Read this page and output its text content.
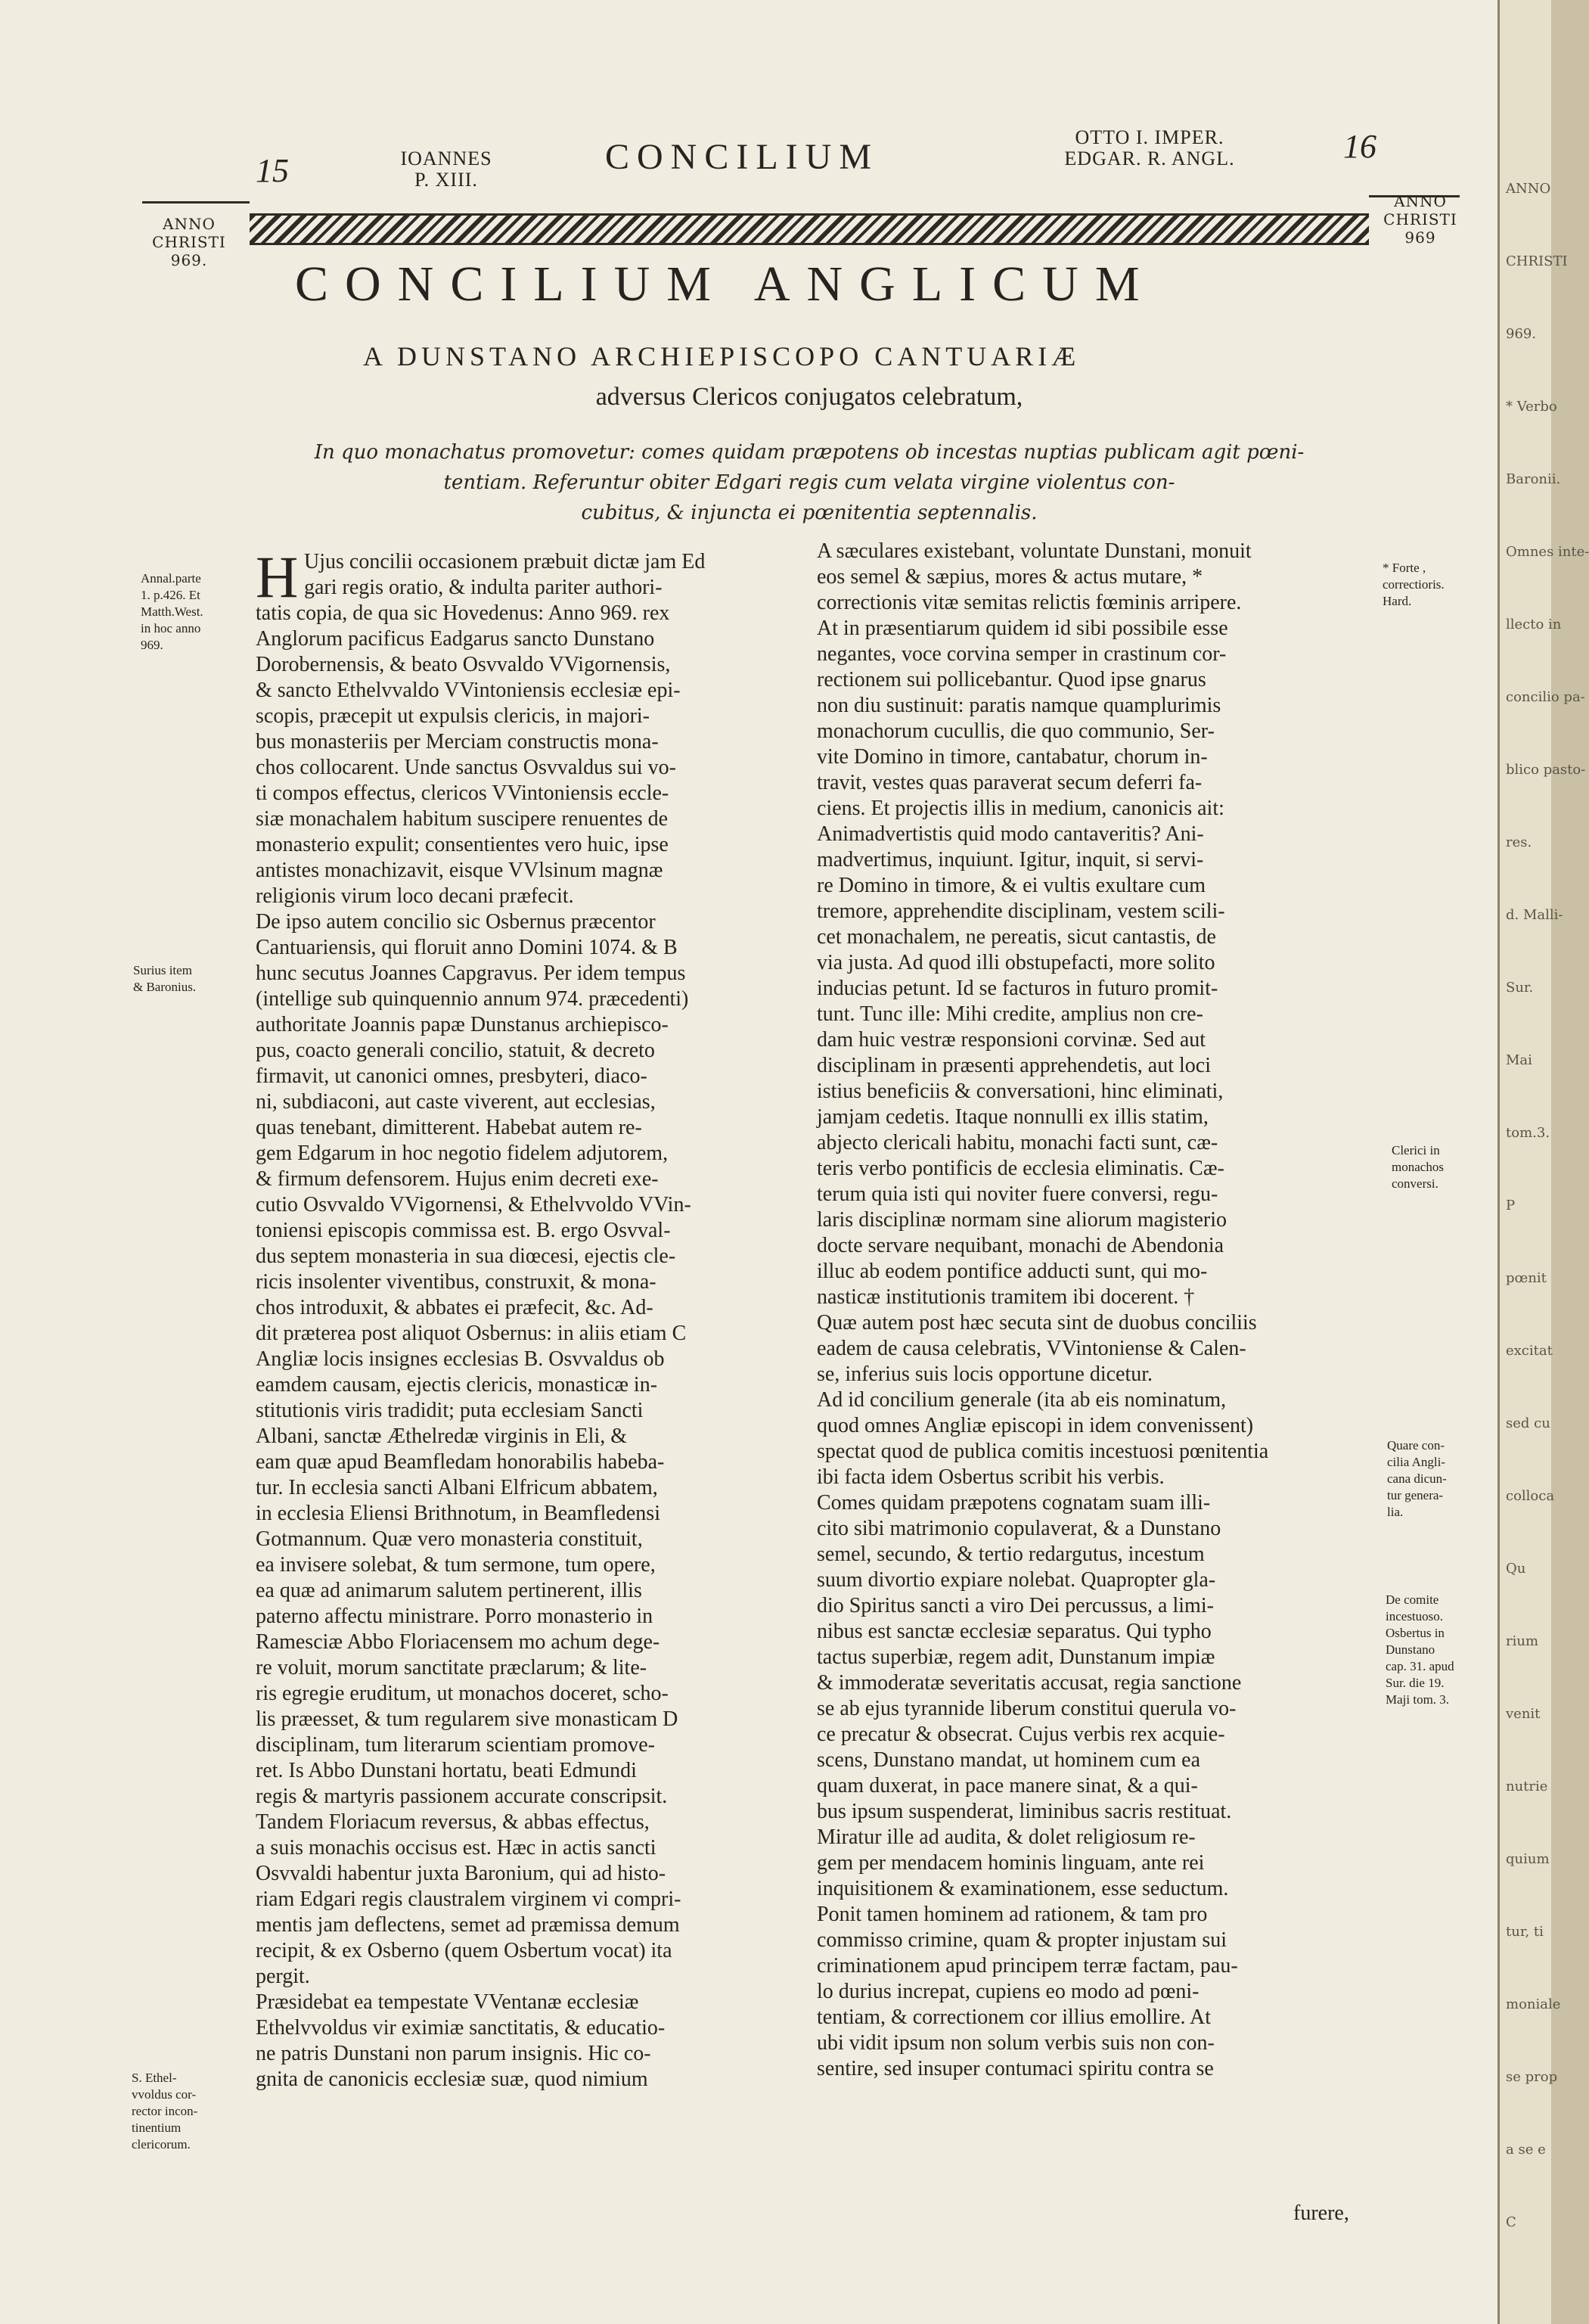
15	IOANNES
P. XIII.
CONCILIUM	OTTO I. IMPER.
EDGAR. R. ANGL.	16
ANNO
CHRISTI
969.
ANNO
CHRISTI
969
CONCILIUM ANGLICUM
A DUNSTANO ARCHIEPISCOPO CANTUARIÆ
adversus Clericos conjugatos celebratum,
In quo monachatus promovetur: comes quidam præpotens ob incestas nuptias publicam agit pœni-
tentiam. Referuntur obiter Edgari regis cum velata virgine violentus con-
cubitus, & injuncta ei pœnitentia septennalis.
Annal.parte
1. p.426. Et
Matth.West.
in hoc anno
969.
Surius item
& Baronius.
S. Ethel-
vvoldus cor-
rector incon-
tinentium
clericorum.
* Forte ,
correctioris.
Hard.
Clerici in
monachos
conversi.
Quare con-
cilia Angli-
cana dicun-
tur genera-
lia.
De comite
incestuoso.
Osbertus in
Dunstano
cap. 31. apud
Sur. die 19.
Maji tom. 3.
H Ujus concilii occasionem præbuit dictæ jam Ed
gari regis oratio, & indulta pariter authori-
tatis copia, de qua sic Hovedenus: Anno 969. rex
Anglorum pacificus Eadgarus sancto Dunstano
Dorobernensis, & beato Osvvaldo VVigornensis,
& sancto Ethelvvaldo VVintoniensis ecclesiæ epi-
scopis, præcepit ut expulsis clericis, in majori-
bus monasteriis per Merciam constructis mona-
chos collocarent. Unde sanctus Osvvaldus sui vo-
ti compos effectus, clericos VVintoniensis eccle-
siæ monachalem habitum suscipere renuentes de
monasterio expulit; consentientes vero huic, ipse
antistes monachizavit, eisque VVlsinum magnæ
religionis virum loco decani præfecit.
De ipso autem concilio sic Osbernus præcentor
Cantuariensis, qui floruit anno Domini 1074. & B
hunc secutus Joannes Capgravus. Per idem tempus
(intellige sub quinquennio annum 974. præcedenti)
authoritate Joannis papæ Dunstanus archiepisco-
pus, coacto generali concilio, statuit, & decreto
firmavit, ut canonici omnes, presbyteri, diaco-
ni, subdiaconi, aut caste viverent, aut ecclesias,
quas tenebant, dimitterent. Habebat autem re-
gem Edgarum in hoc negotio fidelem adjutorem,
& firmum defensorem. Hujus enim decreti exe-
cutio Osvvaldo VVigornensi, & Ethelvvoldo VVin-
toniensi episcopis commissa est. B. ergo Osvval-
dus septem monasteria in sua diœcesi, ejectis cle-
ricis insolenter viventibus, construxit, & mona-
chos introduxit, & abbates ei præfecit, &c. Ad-
dit præterea post aliquot Osbernus: in aliis etiam C
Angliæ locis insignes ecclesias B. Osvvaldus ob
eamdem causam, ejectis clericis, monasticæ in-
stitutionis viris tradidit; puta ecclesiam Sancti
Albani, sanctæ Æthelredæ virginis in Eli, &
eam quæ apud Beamfledam honorabilis habeba-
tur. In ecclesia sancti Albani Elfricum abbatem,
in ecclesia Eliensi Brithnotum, in Beamfledensi
Gotmannum. Quæ vero monasteria constituit,
ea invisere solebat, & tum sermone, tum opere,
ea quæ ad animarum salutem pertinerent, illis
paterno affectu ministrare. Porro monasterio in
Ramesciæ Abbo Floriacensem mo achum dege-
re voluit, morum sanctitate præclarum; & lite-
ris egregie eruditum, ut monachos doceret, scho-
lis præesset, & tum regularem sive monasticam D
disciplinam, tum literarum scientiam promove-
ret. Is Abbo Dunstani hortatu, beati Edmundi
regis & martyris passionem accurate conscripsit.
Tandem Floriacum reversus, & abbas effectus,
a suis monachis occisus est. Hæc in actis sancti
Osvvaldi habentur juxta Baronium, qui ad histo-
riam Edgari regis claustralem virginem vi compri-
mentis jam deflectens, semet ad præmissa demum
recipit, & ex Osberno (quem Osbertum vocat) ita
pergit.
Præsidebat ea tempestate VVentanæ ecclesiæ
Ethelvvoldus vir eximiæ sanctitatis, & educatio-
ne patris Dunstani non parum insignis. Hic co-
gnita de canonicis ecclesiæ suæ, quod nimium
A sæculares existebant, voluntate Dunstani, monuit
eos semel & sæpius, mores & actus mutare, *
correctionis vitæ semitas relictis fœminis arripere.
At in præsentiarum quidem id sibi possibile esse
negantes, voce corvina semper in crastinum cor-
rectionem sui pollicebantur. Quod ipse gnarus
non diu sustinuit: paratis namque quamplurimis
monachorum cucullis, die quo communio, Ser-
vite Domino in timore, cantabatur, chorum in-
travit, vestes quas paraverat secum deferri fa-
ciens. Et projectis illis in medium, canonicis ait:
Animadvertistis quid modo cantaveritis? Ani-
madvertimus, inquiunt. Igitur, inquit, si servi-
re Domino in timore, & ei vultis exultare cum
tremore, apprehendite disciplinam, vestem scili-
cet monachalem, ne pereatis, sicut cantastis, de
via justa. Ad quod illi obstupefacti, more solito
inducias petunt. Id se facturos in futuro promit-
tunt. Tunc ille: Mihi credite, amplius non cre-
dam huic vestræ responsioni corvinæ. Sed aut
disciplinam in præsenti apprehendetis, aut loci
istius beneficiis & conversationi, hinc eliminati,
jamjam cedetis. Itaque nonnulli ex illis statim,
abjecto clericali habitu, monachi facti sunt, cæ-
teris verbo pontificis de ecclesia eliminatis. Cæ-
terum quia isti qui noviter fuere conversi, regu-
laris disciplinæ normam sine aliorum magisterio
docte servare nequibant, monachi de Abendonia
illuc ab eodem pontifice adducti sunt, qui mo-
nasticæ institutionis tramitem ibi docerent. †
Quæ autem post hæc secuta sint de duobus conciliis
eadem de causa celebratis, VVintoniense & Calen-
se, inferius suis locis opportune dicetur.
Ad id concilium generale (ita ab eis nominatum,
quod omnes Angliæ episcopi in idem convenissent)
spectat quod de publica comitis incestuosi pœnitentia
ibi facta idem Osbertus scribit his verbis.
Comes quidam præpotens cognatam suam illi-
cito sibi matrimonio copulaverat, & a Dunstano
semel, secundo, & tertio redargutus, incestum
suum divortio expiare nolebat. Quapropter gla-
dio Spiritus sancti a viro Dei percussus, a limi-
nibus est sanctæ ecclesiæ separatus. Qui typho
tactus superbiæ, regem adit, Dunstanum impiæ
& immoderatæ severitatis accusat, regia sanctione
se ab ejus tyrannide liberum constitui querula vo-
ce precatur & obsecrat. Cujus verbis rex acquie-
scens, Dunstano mandat, ut hominem cum ea
quam duxerat, in pace manere sinat, & a qui-
bus ipsum suspenderat, liminibus sacris restituat.
Miratur ille ad audita, & dolet religiosum re-
gem per mendacem hominis linguam, ante rei
inquisitionem & examinationem, esse seductum.
Ponit tamen hominem ad rationem, & tam pro
commisso crimine, quam & propter injustam sui
criminationem apud principem terræ factam, pau-
lo durius increpat, cupiens eo modo ad pœni-
tentiam, & correctionem cor illius emollire. At
ubi vidit ipsum non solum verbis suis non con-
sentire, sed insuper contumaci spiritu contra se
furere,
ANNO
CHRISTI
969.
* Verbo
Baronii.
Omnes inte-
llecto in
concilio pa-
blico pasto-
res.
d. Malli-
Sur.
Mai
tom.3.
P
pœnit
excitat
sed cu
colloca
Qu
rium
venit
nutrie
quium
tur, ti
moniale
se prop
a se e
C
